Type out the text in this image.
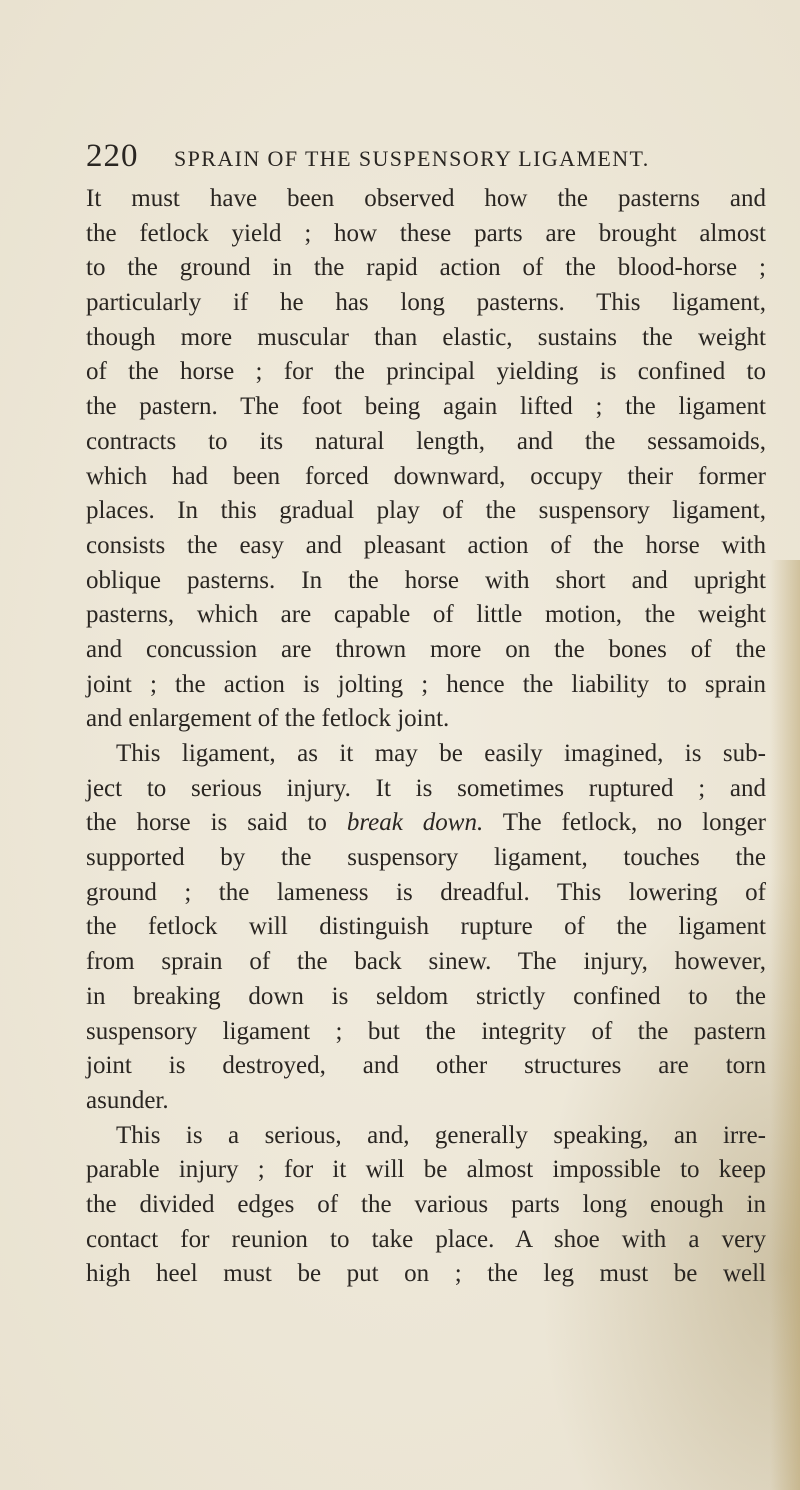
220 SPRAIN OF THE SUSPENSORY LIGAMENT.
It must have been observed how the pasterns and
the fetlock yield ; how these parts are brought almost
to the ground in the rapid action of the blood-horse ;
particularly if he has long pasterns. This ligament,
though more muscular than elastic, sustains the weight
of the horse ; for the principal yielding is confined to
the pastern. The foot being again lifted ; the ligament
contracts to its natural length, and the sessamoids,
which had been forced downward, occupy their former
places. In this gradual play of the suspensory ligament,
consists the easy and pleasant action of the horse with
oblique pasterns. In the horse with short and upright
pasterns, which are capable of little motion, the weight
and concussion are thrown more on the bones of the
joint ; the action is jolting ; hence the liability to sprain
and enlargement of the fetlock joint.
This ligament, as it may be easily imagined, is sub-
ject to serious injury. It is sometimes ruptured ; and
the horse is said to break down. The fetlock, no longer
supported by the suspensory ligament, touches the
ground ; the lameness is dreadful. This lowering of
the fetlock will distinguish rupture of the ligament
from sprain of the back sinew. The injury, however,
in breaking down is seldom strictly confined to the
suspensory ligament ; but the integrity of the pastern
joint is destroyed, and other structures are torn
asunder.
This is a serious, and, generally speaking, an irre-
parable injury ; for it will be almost impossible to keep
the divided edges of the various parts long enough in
contact for reunion to take place. A shoe with a very
high heel must be put on ; the leg must be well
